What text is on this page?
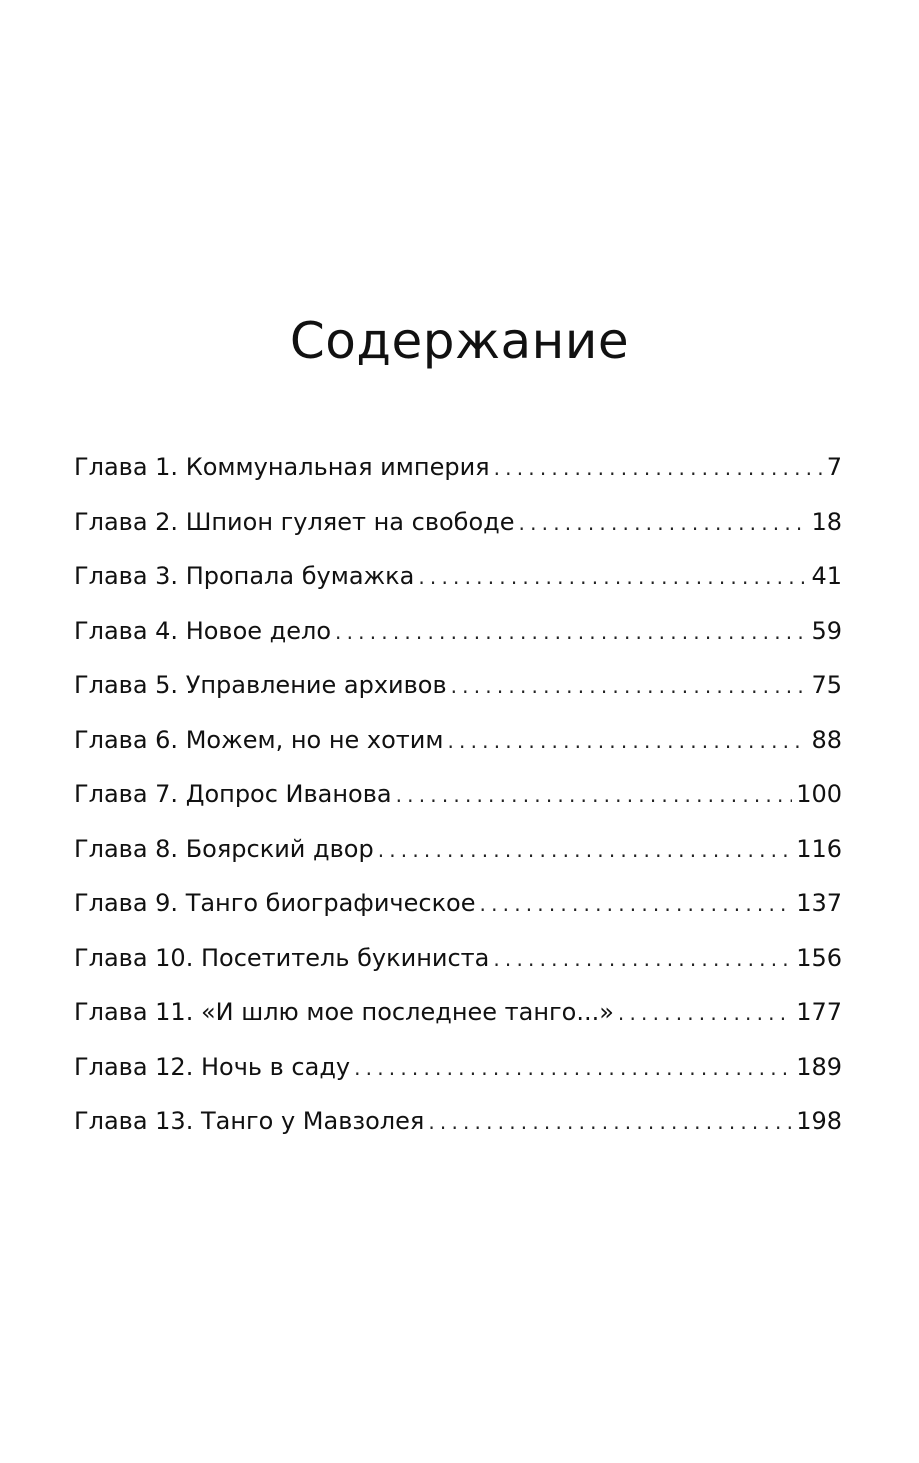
Содержание
Глава 1. Коммунальная империя .....	7
Глава 2. Шпион гуляет на свободе .....	18
Глава 3. Пропала бумажка .....	41
Глава 4. Новое дело .....	59
Глава 5. Управление архивов .....	75
Глава 6. Можем, но не хотим .....	88
Глава 7. Допрос Иванова .....	100
Глава 8. Боярский двор .....	116
Глава 9. Танго биографическое .....	137
Глава 10. Посетитель букиниста .....	156
Глава 11. «И шлю мое последнее танго...» .....	177
Глава 12. Ночь в саду .....	189
Глава 13. Танго у Мавзолея .....	198
